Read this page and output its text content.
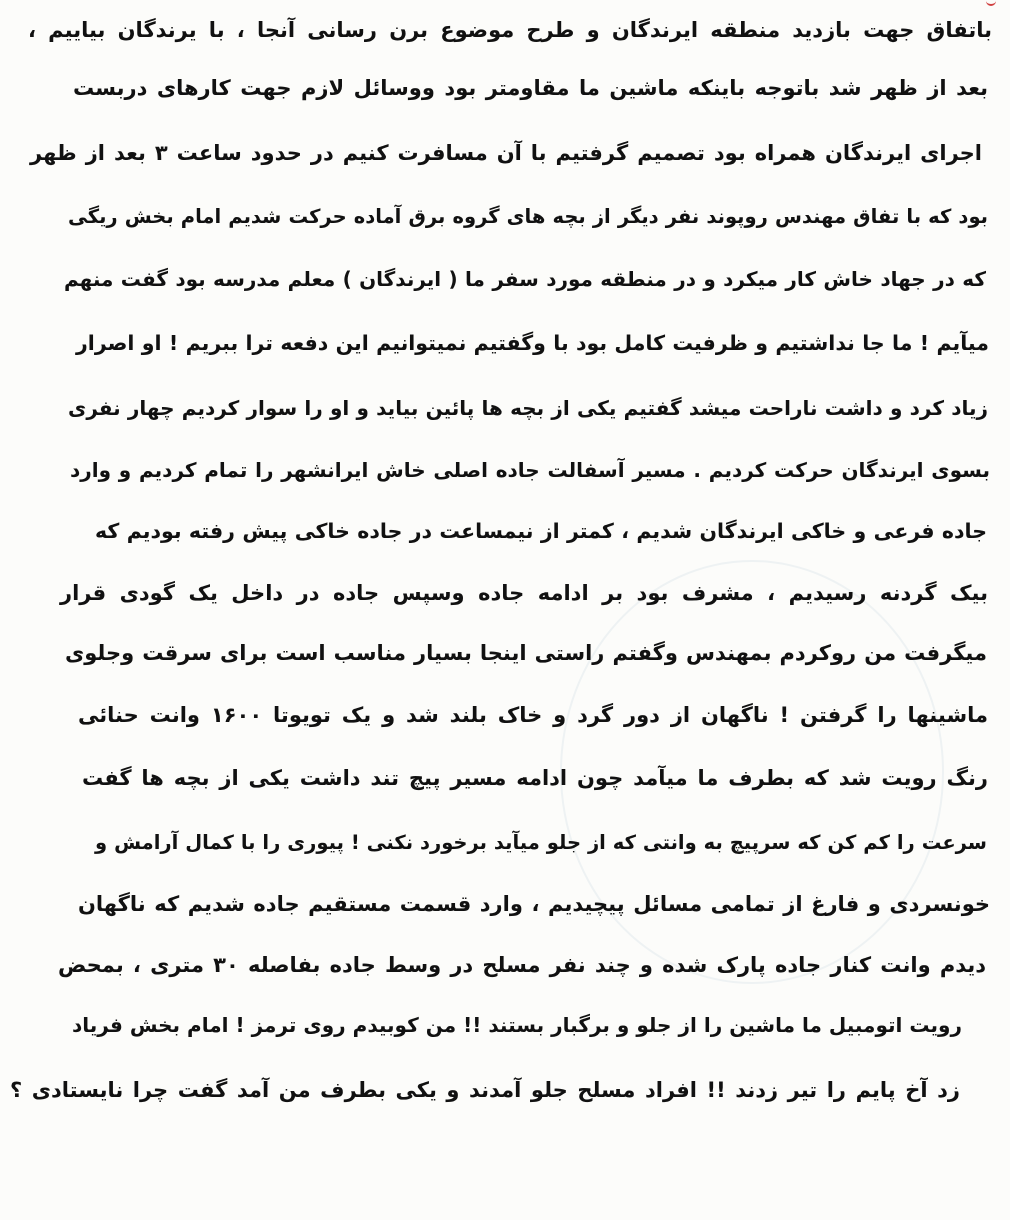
باتفاق جهت بازدید منطقه ایرندگان و طرح موضوع برن رسانی آنجا ، با یرندگان بیاییم ،
بعد از ظهر شد باتوجه باینکه ماشین ما مقاومتر بود ووسائل لازم جهت کارهای دربست
اجرای ایرندگان همراه بود تصمیم گرفتیم با آن مسافرت کنیم در حدود ساعت ۳ بعد از ظهر
بود که با تفاق مهندس روپوند نفر دیگر از بچه های گروه برق آماده حرکت شدیم امام بخش ریگی
که در جهاد خاش کار میکرد و در منطقه مورد سفر ما ( ایرندگان ) معلم مدرسه بود گفت منهم
میآیم ! ما جا نداشتیم و ظرفیت کامل بود با وگفتیم نمیتوانیم این دفعه ترا ببریم ! او اصرار
زیاد کرد و داشت ناراحت میشد گفتیم یکی از بچه ها پائین بیاید و او را سوار کردیم چهار نفری
بسوی ایرندگان حرکت کردیم . مسیر آسفالت جاده اصلی خاش ایرانشهر را تمام کردیم و وارد
جاده فرعی و خاکی ایرندگان شدیم ، کمتر از نیمساعت در جاده خاکی پیش رفته بودیم که
بیک گردنه رسیدیم ، مشرف بود بر ادامه جاده وسپس جاده در داخل یک گودی قرار
میگرفت من روکردم بمهندس وگفتم راستی اینجا بسیار مناسب است برای سرقت وجلوی
ماشینها را گرفتن ! ناگهان از دور گرد و خاک بلند شد و یک تویوتا ۱۶۰۰ وانت حنائی
رنگ رویت شد که بطرف ما میآمد چون ادامه مسیر پیچ تند داشت یکی از بچه ها گفت
سرعت را کم کن که سرپیچ به وانتی که از جلو میآید برخورد نکنی ! پیوری را با کمال آرامش و
خونسردی و فارغ از تمامی مسائل پیچیدیم ، وارد قسمت مستقیم جاده شدیم که ناگهان
دیدم وانت کنار جاده پارک شده و چند نفر مسلح در وسط جاده بفاصله ۳۰ متری ، بمحض
رویت اتومبیل ما ماشین را از جلو و برگبار بستند !! من کوبیدم روی ترمز ! امام بخش فریاد
زد آخ پایم را تیر زدند !! افراد مسلح جلو آمدند و یکی بطرف من آمد گفت چرا نایستادی ؟
